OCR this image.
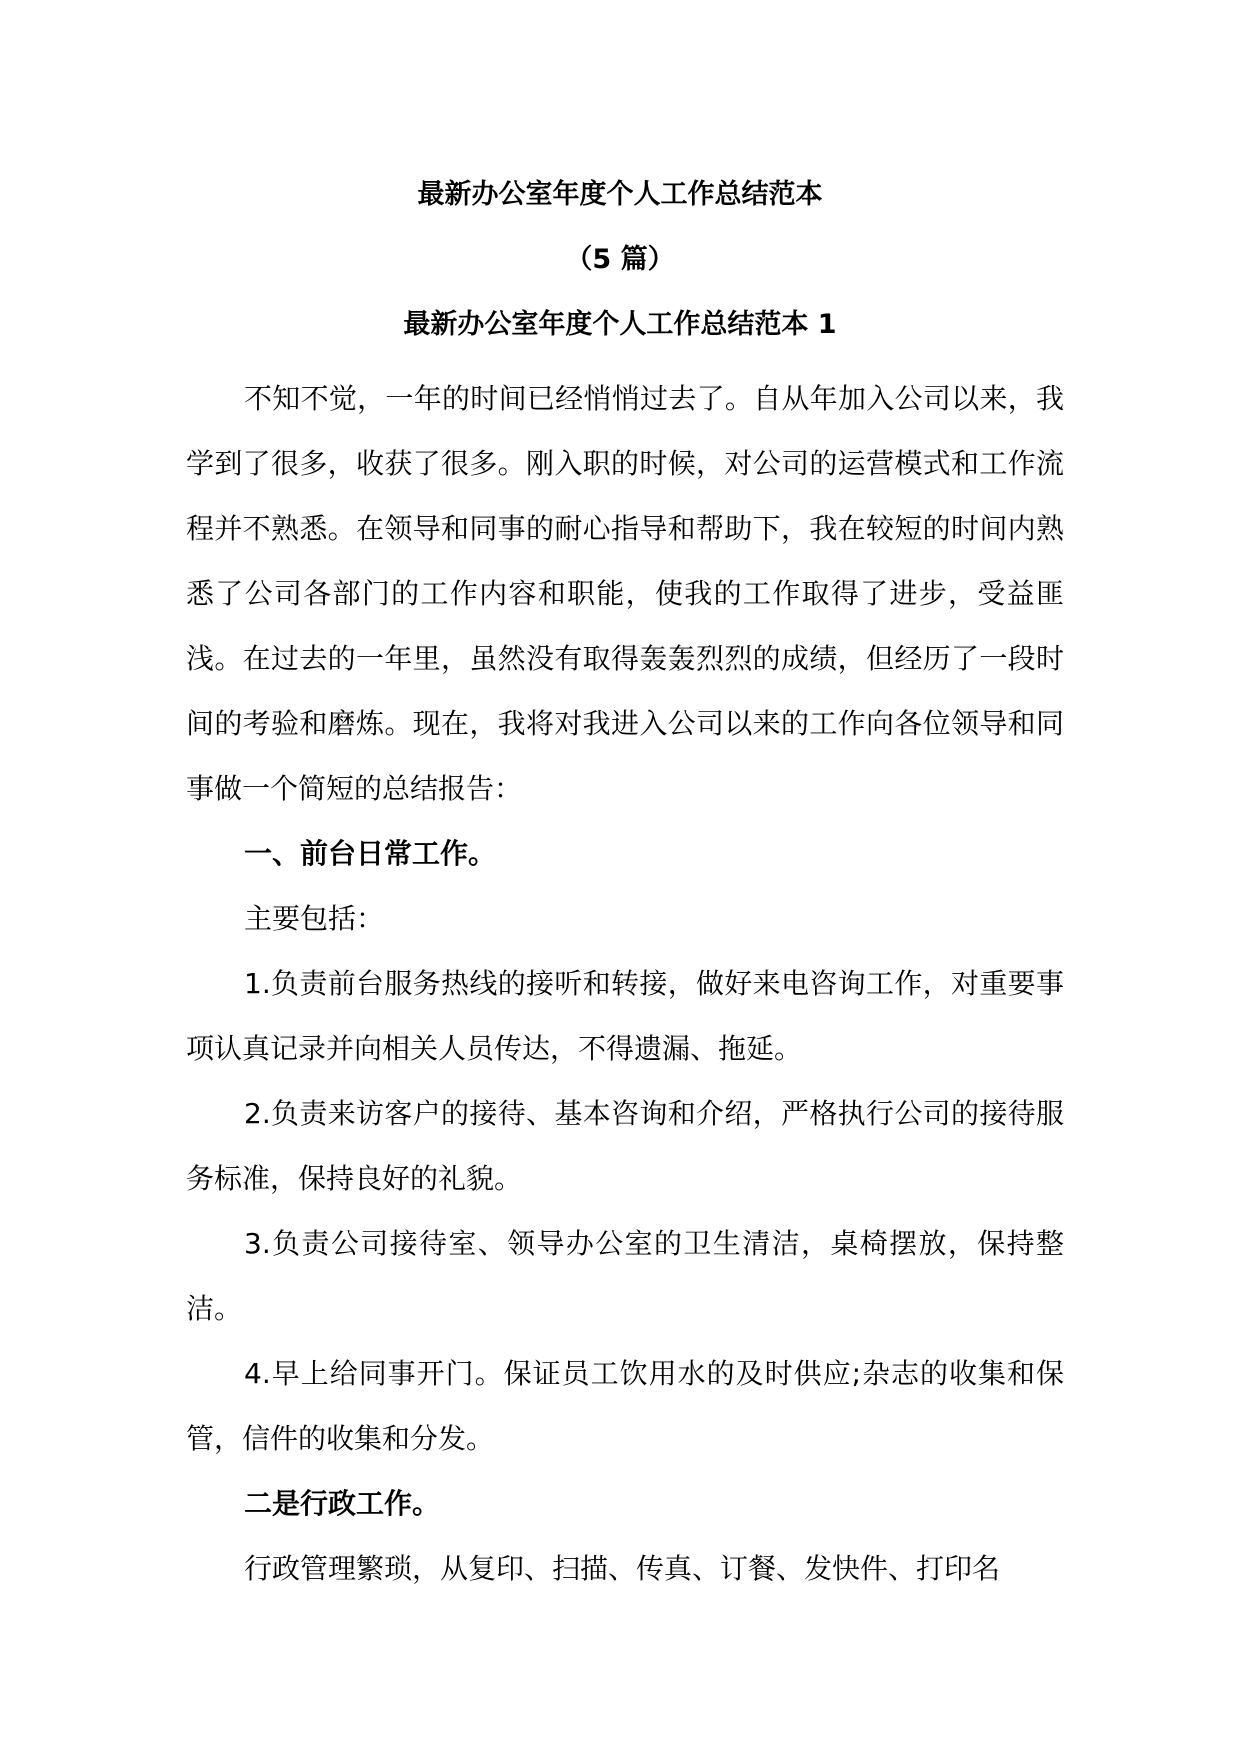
最新办公室年度个人工作总结范本
（5 篇）
最新办公室年度个人工作总结范本 1

不知不觉，一年的时间已经悄悄过去了。自从年加入公司以来，我学到了很多，收获了很多。刚入职的时候，对公司的运营模式和工作流程并不熟悉。在领导和同事的耐心指导和帮助下，我在较短的时间内熟悉了公司各部门的工作内容和职能，使我的工作取得了进步，受益匪浅。在过去的一年里，虽然没有取得轰轰烈烈的成绩，但经历了一段时间的考验和磨炼。现在，我将对我进入公司以来的工作向各位领导和同事做一个简短的总结报告：

一、前台日常工作。

主要包括：

1.负责前台服务热线的接听和转接，做好来电咨询工作，对重要事项认真记录并向相关人员传达，不得遗漏、拖延。

2.负责来访客户的接待、基本咨询和介绍，严格执行公司的接待服务标准，保持良好的礼貌。

3.负责公司接待室、领导办公室的卫生清洁，桌椅摆放，保持整洁。

4.早上给同事开门。保证员工饮用水的及时供应;杂志的收集和保管，信件的收集和分发。

二是行政工作。

行政管理繁琐，从复印、扫描、传真、订餐、发快件、打印名
